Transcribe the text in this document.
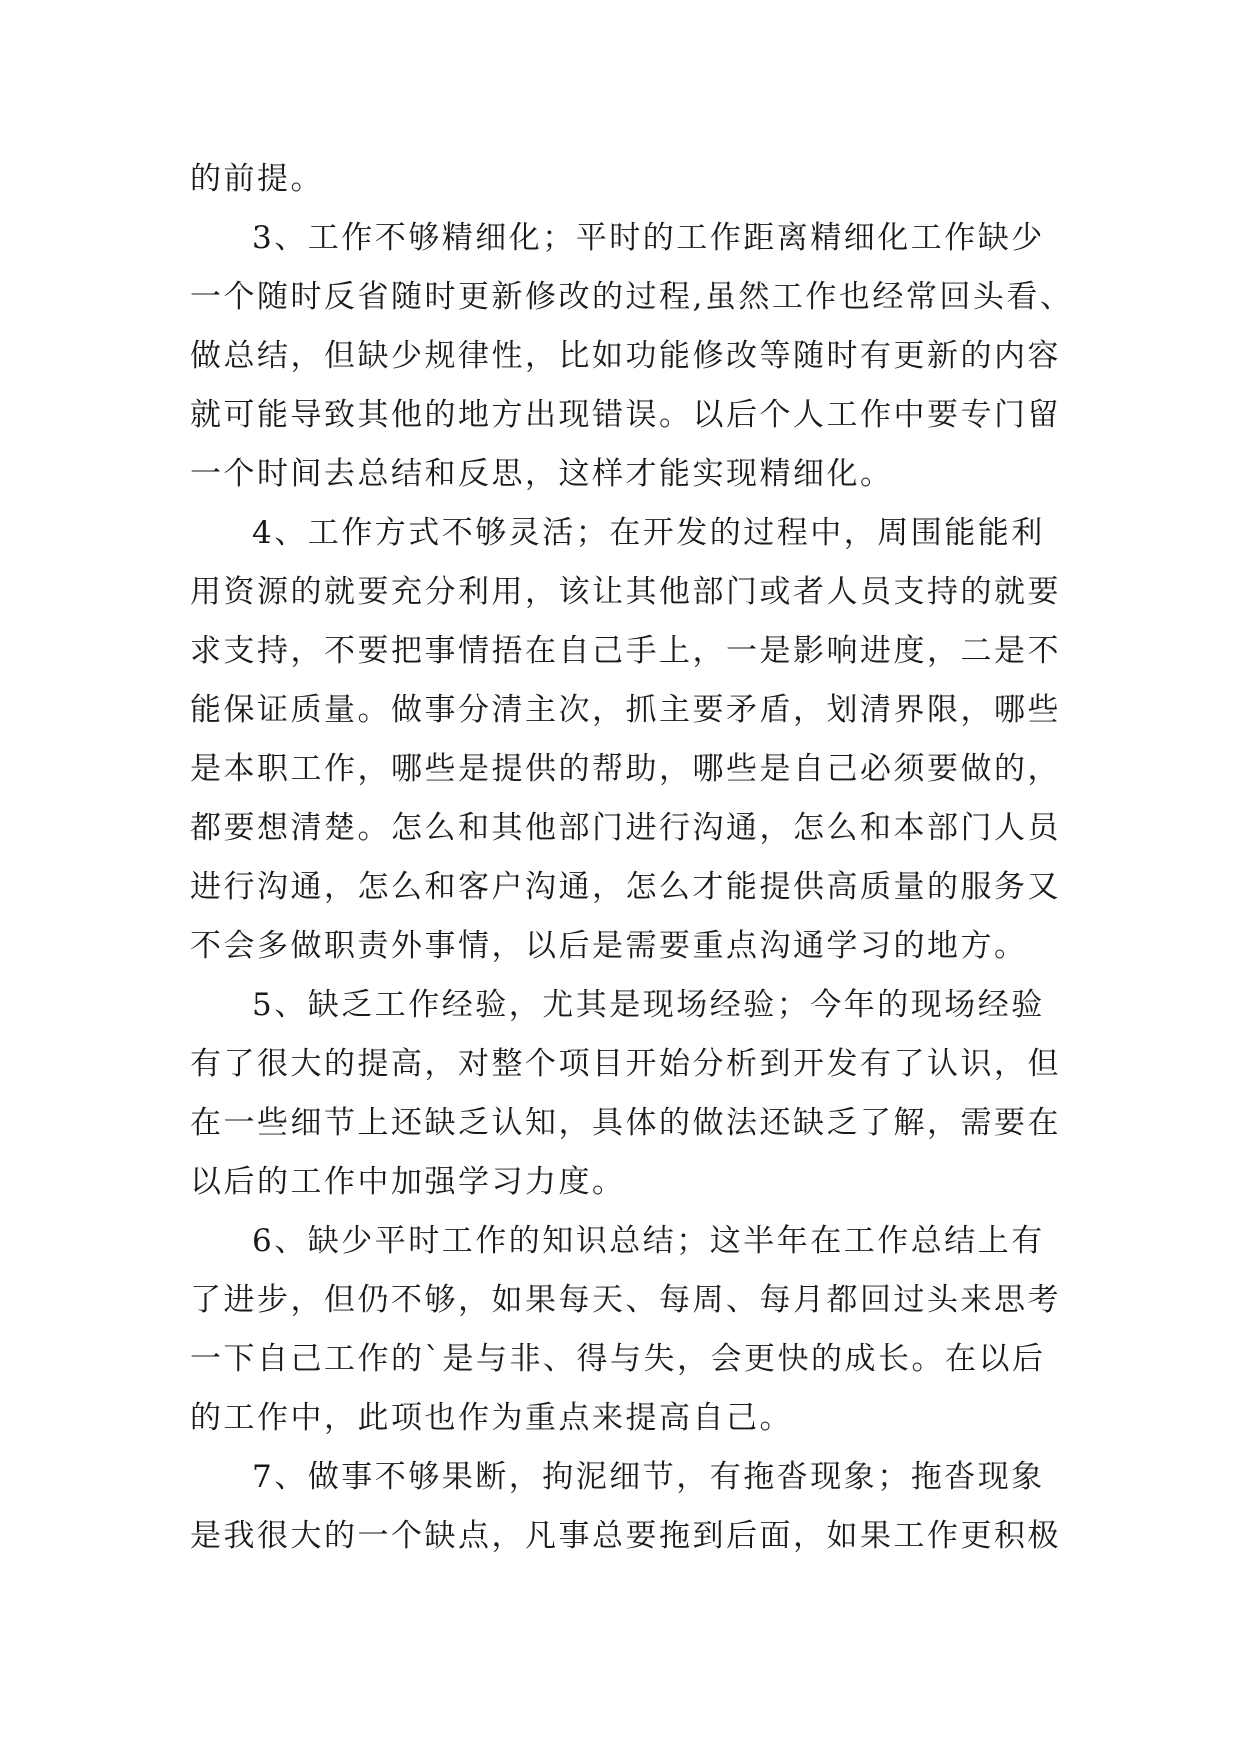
的前提。
3、工作不够精细化；平时的工作距离精细化工作缺少
一个随时反省随时更新修改的过程,虽然工作也经常回头看、
做总结，但缺少规律性，比如功能修改等随时有更新的内容
就可能导致其他的地方出现错误。以后个人工作中要专门留
一个时间去总结和反思，这样才能实现精细化。
4、工作方式不够灵活；在开发的过程中，周围能能利
用资源的就要充分利用，该让其他部门或者人员支持的就要
求支持，不要把事情捂在自己手上，一是影响进度，二是不
能保证质量。做事分清主次，抓主要矛盾，划清界限，哪些
是本职工作，哪些是提供的帮助，哪些是自己必须要做的，
都要想清楚。怎么和其他部门进行沟通，怎么和本部门人员
进行沟通，怎么和客户沟通，怎么才能提供高质量的服务又
不会多做职责外事情，以后是需要重点沟通学习的地方。
5、缺乏工作经验，尤其是现场经验；今年的现场经验
有了很大的提高，对整个项目开始分析到开发有了认识，但
在一些细节上还缺乏认知，具体的做法还缺乏了解，需要在
以后的工作中加强学习力度。
6、缺少平时工作的知识总结；这半年在工作总结上有
了进步，但仍不够，如果每天、每周、每月都回过头来思考
一下自己工作的`是与非、得与失，会更快的成长。在以后
的工作中，此项也作为重点来提高自己。
7、做事不够果断，拘泥细节，有拖沓现象；拖沓现象
是我很大的一个缺点，凡事总要拖到后面，如果工作更积极
